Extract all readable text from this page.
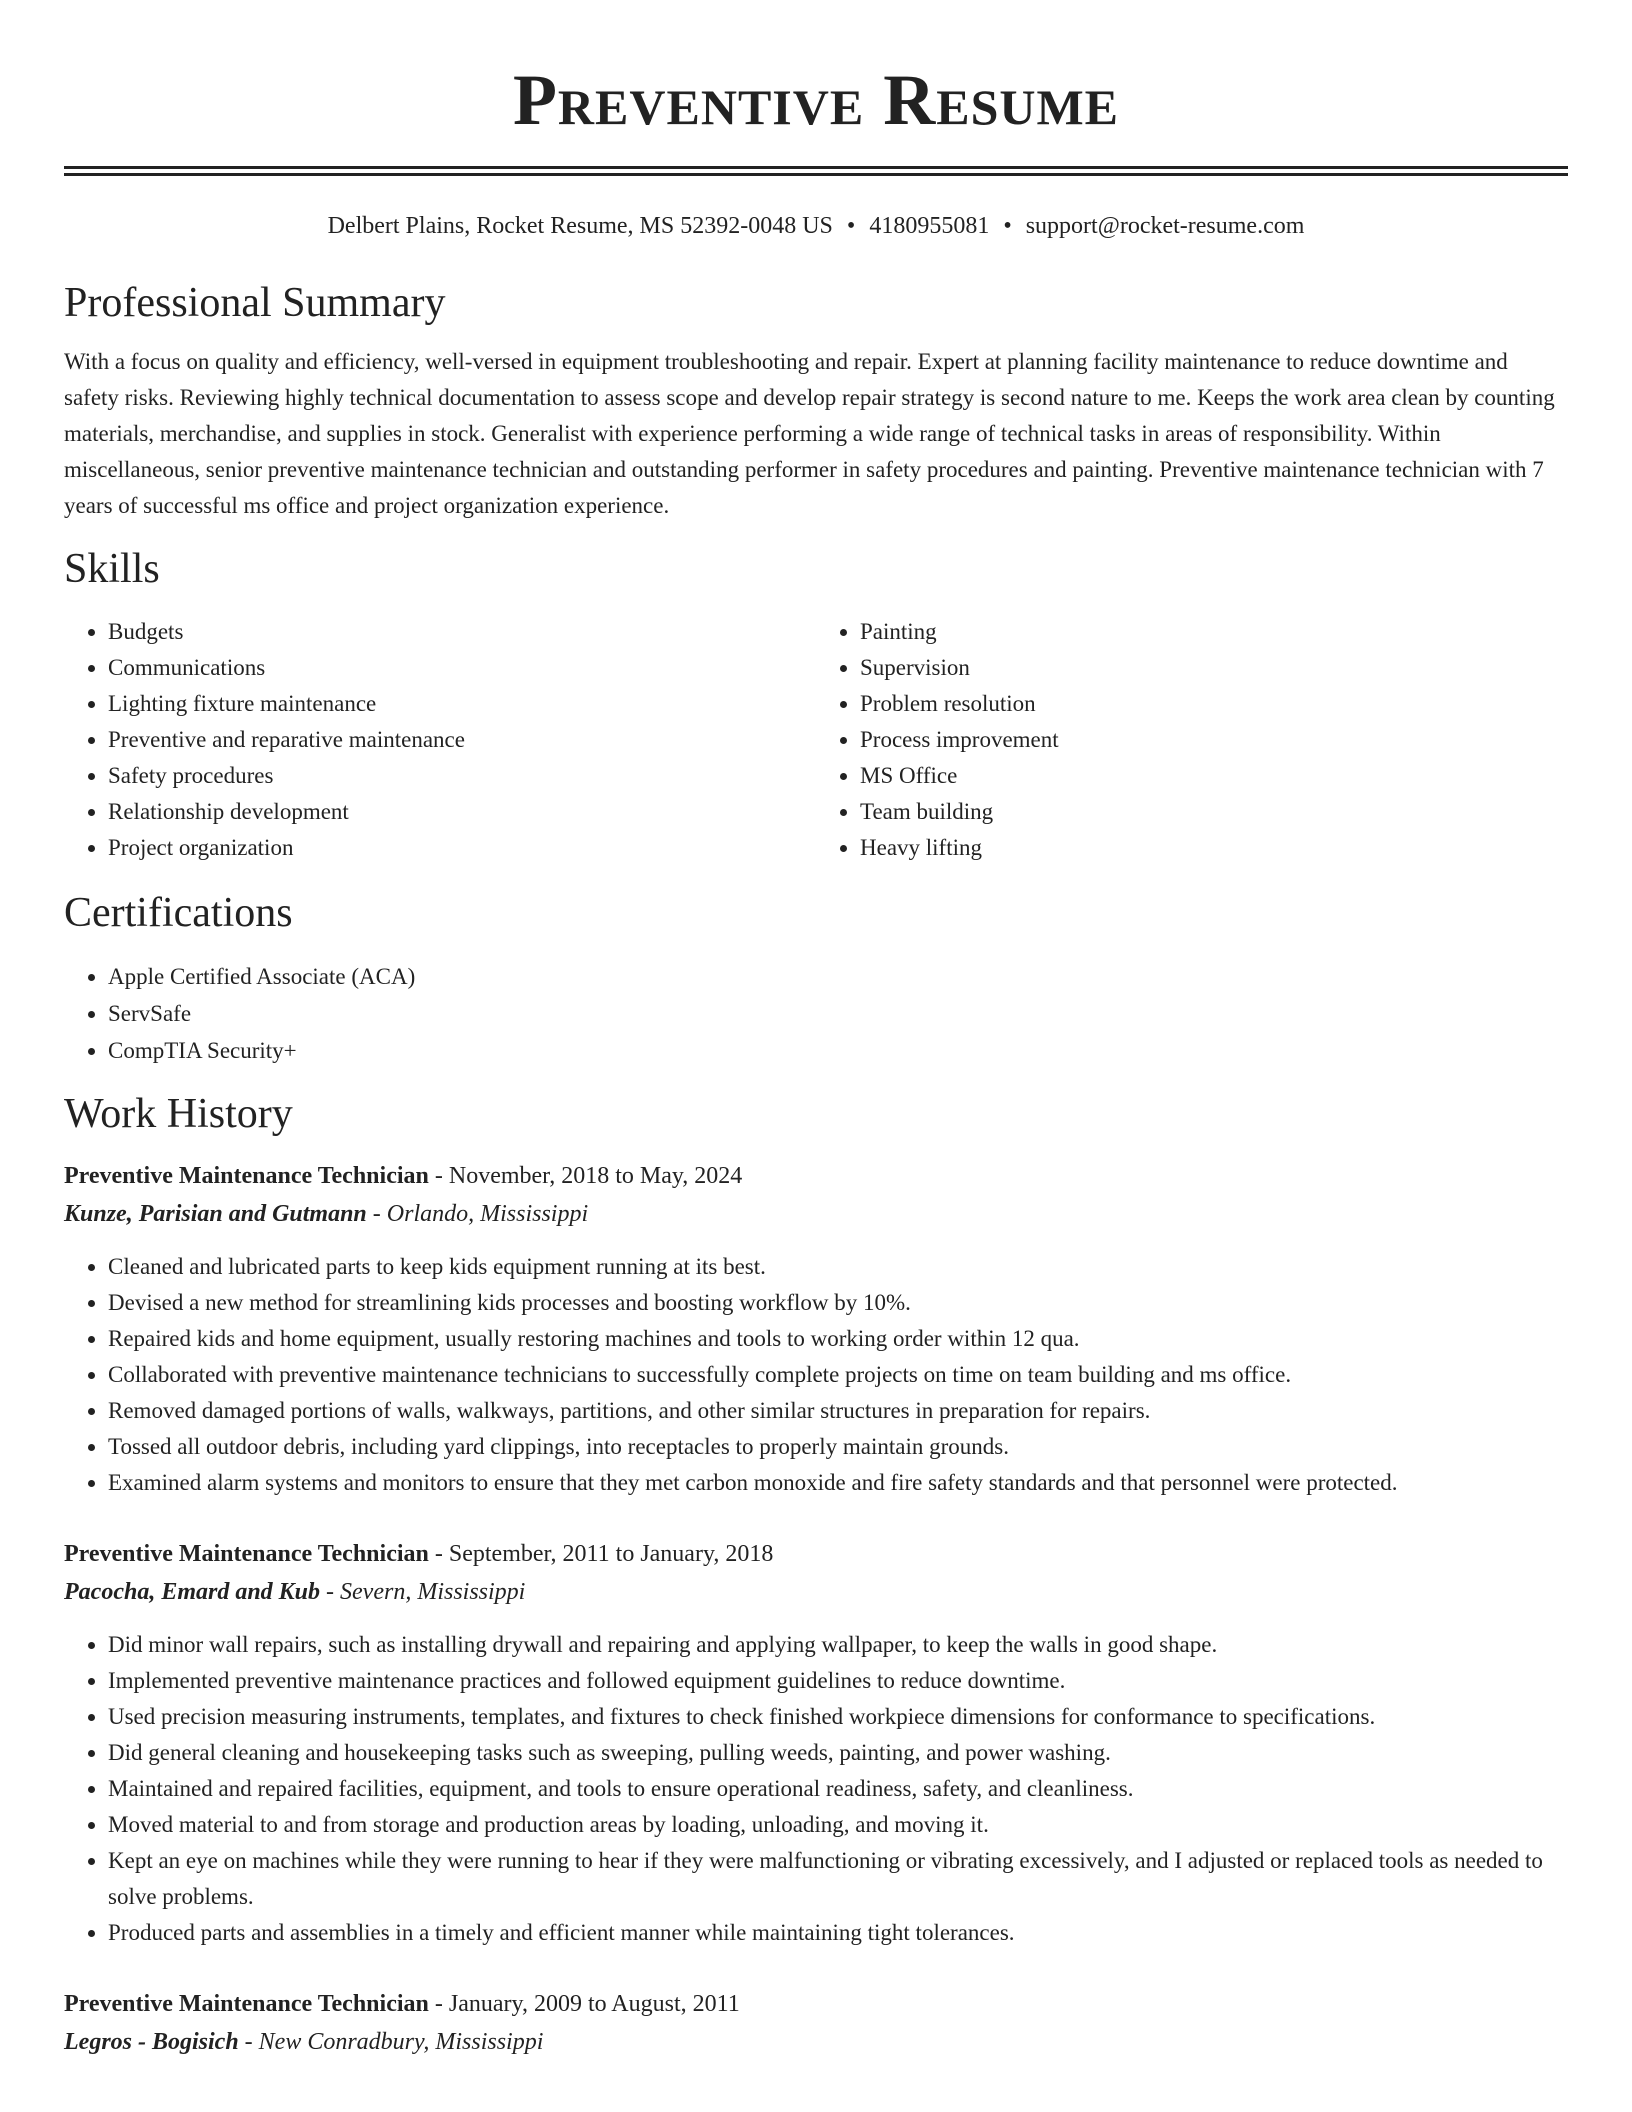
Preventive Resume
Delbert Plains, Rocket Resume, MS 52392-0048 US • 4180955081 • support@rocket-resume.com
Professional Summary

With a focus on quality and efficiency, well-versed in equipment troubleshooting and repair. Expert at planning facility maintenance to reduce downtime and safety risks. Reviewing highly technical documentation to assess scope and develop repair strategy is second nature to me. Keeps the work area clean by counting materials, merchandise, and supplies in stock. Generalist with experience performing a wide range of technical tasks in areas of responsibility. Within miscellaneous, senior preventive maintenance technician and outstanding performer in safety procedures and painting. Preventive maintenance technician with 7 years of successful ms office and project organization experience.

Skills
• Budgets
• Communications
• Lighting fixture maintenance
• Preventive and reparative maintenance
• Safety procedures
• Relationship development
• Project organization
• Painting
• Supervision
• Problem resolution
• Process improvement
• MS Office
• Team building
• Heavy lifting
Certifications
• Apple Certified Associate (ACA)
• ServSafe
• CompTIA Security+
Work History
Preventive Maintenance Technician - November, 2018 to May, 2024
Kunze, Parisian and Gutmann - Orlando, Mississippi
• Cleaned and lubricated parts to keep kids equipment running at its best.
• Devised a new method for streamlining kids processes and boosting workflow by 10%.
• Repaired kids and home equipment, usually restoring machines and tools to working order within 12 qua.
• Collaborated with preventive maintenance technicians to successfully complete projects on time on team building and ms office.
• Removed damaged portions of walls, walkways, partitions, and other similar structures in preparation for repairs.
• Tossed all outdoor debris, including yard clippings, into receptacles to properly maintain grounds.
• Examined alarm systems and monitors to ensure that they met carbon monoxide and fire safety standards and that personnel were protected.
Preventive Maintenance Technician - September, 2011 to January, 2018
Pacocha, Emard and Kub - Severn, Mississippi
• Did minor wall repairs, such as installing drywall and repairing and applying wallpaper, to keep the walls in good shape.
• Implemented preventive maintenance practices and followed equipment guidelines to reduce downtime.
• Used precision measuring instruments, templates, and fixtures to check finished workpiece dimensions for conformance to specifications.
• Did general cleaning and housekeeping tasks such as sweeping, pulling weeds, painting, and power washing.
• Maintained and repaired facilities, equipment, and tools to ensure operational readiness, safety, and cleanliness.
• Moved material to and from storage and production areas by loading, unloading, and moving it.
• Kept an eye on machines while they were running to hear if they were malfunctioning or vibrating excessively, and I adjusted or replaced tools as needed to solve problems.
• Produced parts and assemblies in a timely and efficient manner while maintaining tight tolerances.
Preventive Maintenance Technician - January, 2009 to August, 2011
Legros - Bogisich - New Conradbury, Mississippi
